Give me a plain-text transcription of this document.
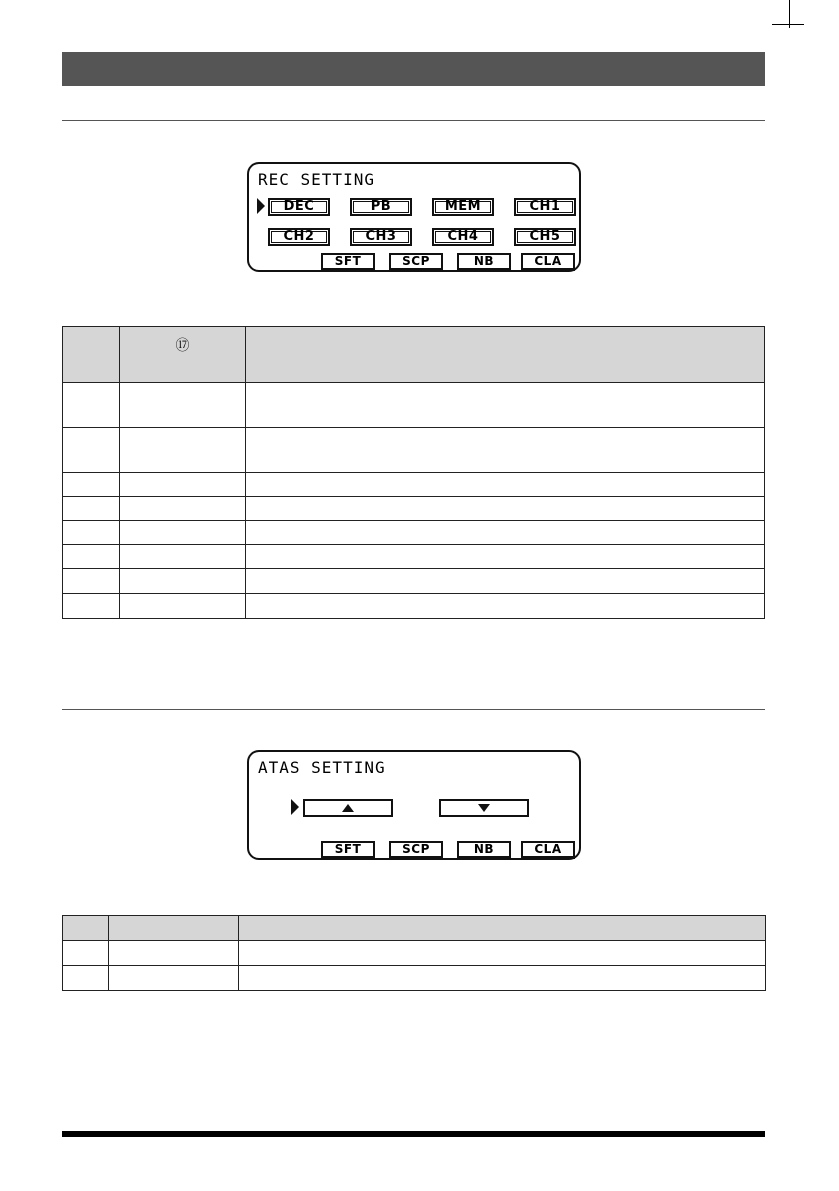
REC SETTING
DEC	PB	MEM	CH1
CH2	CH3	CH4	CH5
SFT	SCP	NB	CLA
	⑰	

ATAS SETTING
SFT	SCP	NB	CLA
